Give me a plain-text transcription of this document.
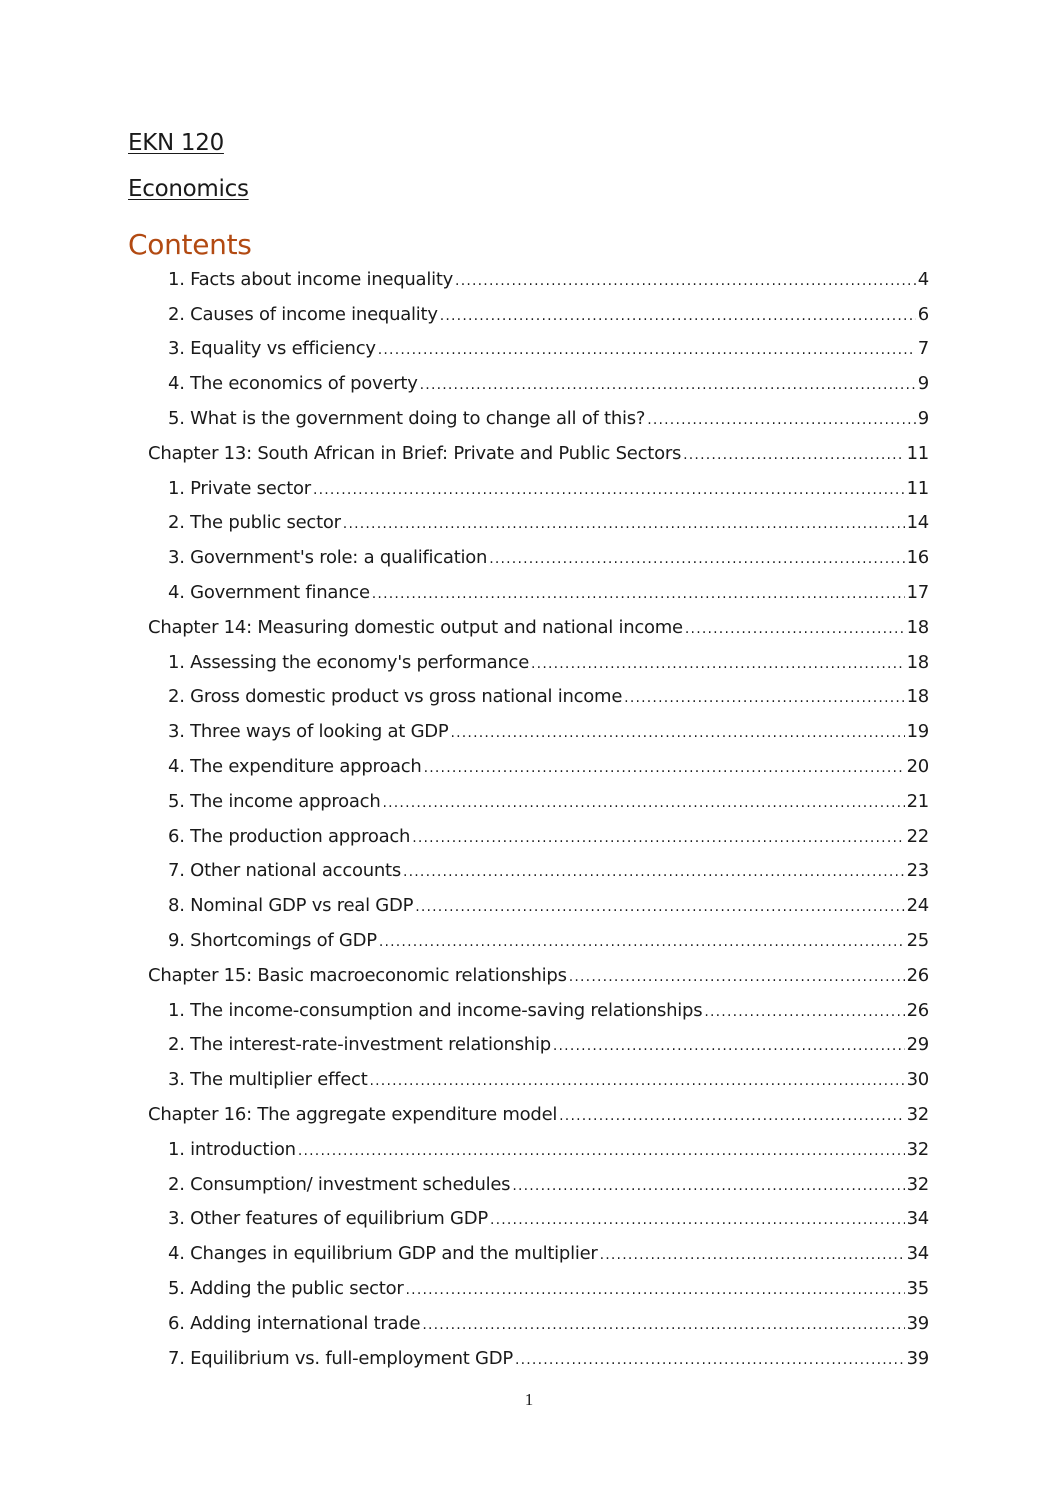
EKN 120
Economics
Contents
1. Facts about income inequality .....	4
2. Causes of income inequality .....	6
3. Equality vs efficiency .....	7
4. The economics of poverty .....	9
5. What is the government doing to change all of this? .....	9
Chapter 13: South African in Brief: Private and Public Sectors .....	11
1. Private sector .....	11
2. The public sector .....	14
3. Government's role: a qualification .....	16
4. Government finance .....	17
Chapter 14: Measuring domestic output and national income .....	18
1. Assessing the economy's performance .....	18
2. Gross domestic product vs gross national income .....	18
3. Three ways of looking at GDP .....	19
4. The expenditure approach .....	20
5. The income approach .....	21
6. The production approach .....	22
7. Other national accounts .....	23
8. Nominal GDP vs real GDP .....	24
9. Shortcomings of GDP .....	25
Chapter 15: Basic macroeconomic relationships .....	26
1. The income-consumption and income-saving relationships .....	26
2. The interest-rate-investment relationship .....	29
3. The multiplier effect .....	30
Chapter 16: The aggregate expenditure model .....	32
1. introduction .....	32
2. Consumption/ investment schedules .....	32
3. Other features of equilibrium GDP .....	34
4. Changes in equilibrium GDP and the multiplier .....	34
5. Adding the public sector .....	35
6. Adding international trade .....	39
7. Equilibrium vs. full-employment GDP .....	39
1
